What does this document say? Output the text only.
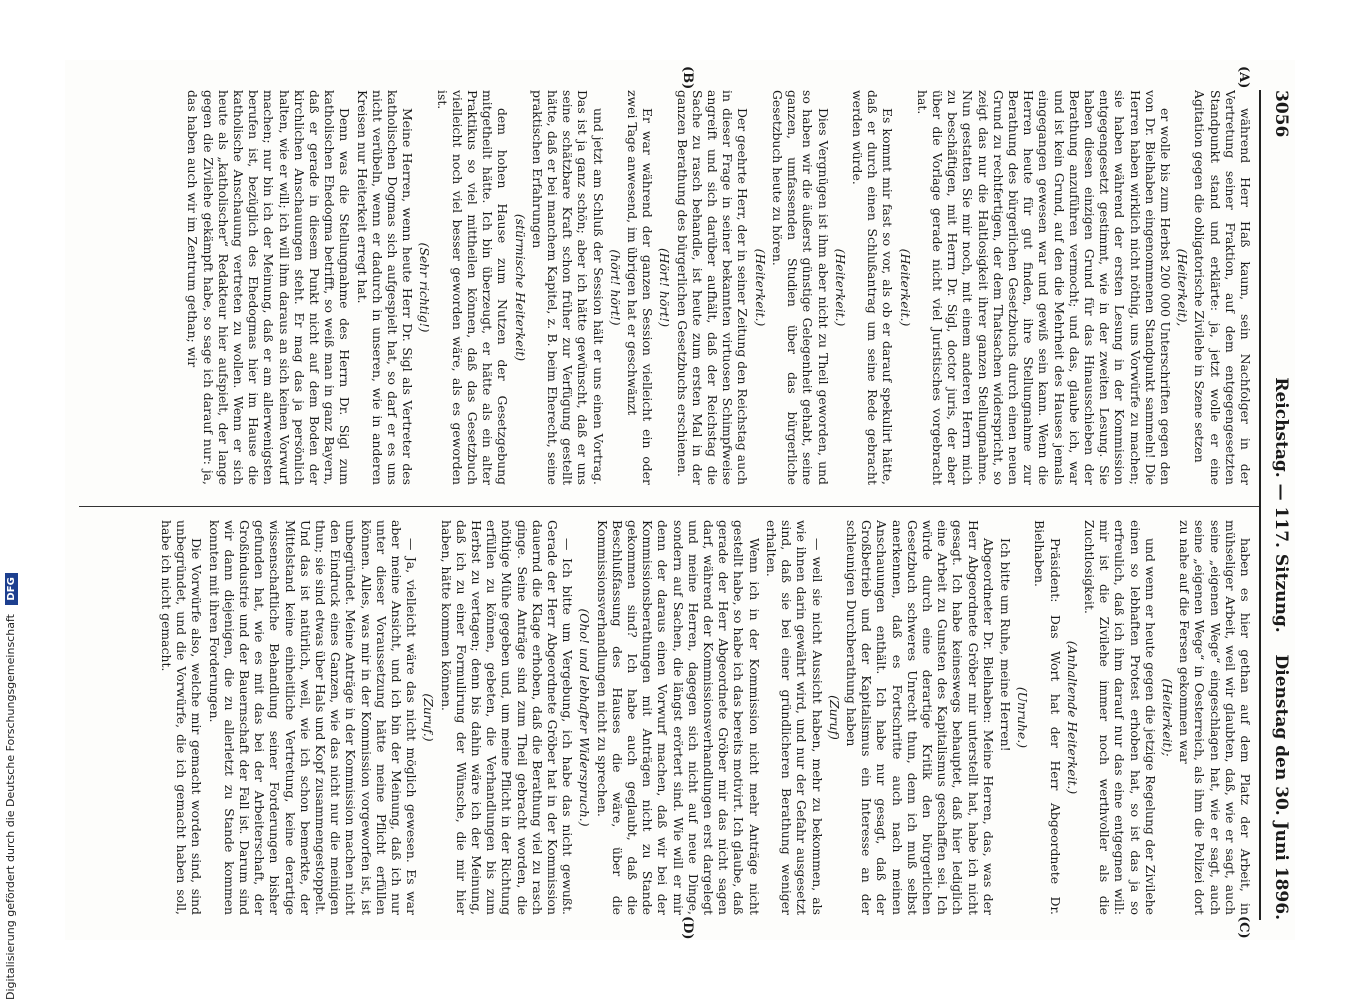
3056
Reichstag. — 117. Sitzung.
Dienstag den 30. Juni 1896.
(A)
(B)
(C)
(D)

während Herr Haß kaum, sein Nachfolger in der Vertretung seiner Fraktion, auf dem entgegengesetzten Standpunkt stand und erklärte: ja, jetzt wolle er eine Agitation gegen die obligatorische Zivilehe in Szene setzen

(Heiterkeit),

er wolle bis zum Herbst 200 000 Unterschriften gegen den von Dr. Bielhaben eingenommenen Standpunkt sammeln! Die Herren haben wirklich nicht nöthig, uns Vorwürfe zu machen; sie haben während der ersten Lesung in der Kommission entgegengesetzt gestimmt, wie in der zweiten Lesung. Sie haben diesen einzigen Grund für das Hinausschieben der Berathung anzuführen vermocht; und das, glaube ich, war und ist kein Grund, auf den die Mehrheit des Hauses jemals eingegangen gewesen war und gewiß sein kann. Wenn die Herren heute für gut finden, ihre Stellungnahme zur Berathung des bürgerlichen Gesetzbuchs durch einen neuen Grund zu rechtfertigen, der dem Thatsachen widerspricht, so zeigt das nur die Haltlosigkeit ihrer ganzen Stellungnahme. Nun gestatten Sie mir noch, mit einem anderen Herrn mich zu beschäftigen, mit Herrn Dr. Sigl, doctor juris, der aber über die Vorlage gerade nicht viel Juristisches vorgebracht hat.

(Heiterkeit.)

Es kommt mir fast so vor, als ob er darauf spekulirt hätte, daß er durch einen Schlußantrag um seine Rede gebracht werden würde.

(Heiterkeit.)

Dies Vergnügen ist ihm aber nicht zu Theil geworden, und so haben wir die äußerst günstige Gelegenheit gehabt, seine ganzen, umfassenden Studien über das bürgerliche Gesetzbuch heute zu hören.

(Heiterkeit.)

Der geehrte Herr, der in seiner Zeitung den Reichstag auch in dieser Frage in seiner bekannten virtuosen Schimpfweise angreift und sich darüber aufhält, daß der Reichstag die Sache zu rasch behandle, ist heute zum ersten Mal in der ganzen Berathung des bürgerlichen Gesetzbuchs erschienen.

(Hört! hört!)

Er war während der ganzen Session vielleicht ein oder zwei Tage anwesend, im übrigen hat er geschwänzt

(hört! hört!)

und jetzt am Schluß der Session hält er uns einen Vortrag. Das ist ja ganz schön; aber ich hätte gewünscht, daß er uns seine schätzbare Kraft schon früher zur Verfügung gestellt hätte, daß er bei manchem Kapitel, z. B. beim Eherecht, seine praktischen Erfahrungen

(stürmische Heiterkeit)

dem hohen Hause zum Nutzen der Gesetzgebung mitgetheilt hätte. Ich bin überzeugt, er hätte als ein alter Praktikus so viel mittheilen können, daß das Gesetzbuch vielleicht noch viel besser geworden wäre, als es geworden ist.

(Sehr richtig!)

Meine Herren, wenn heute Herr Dr. Sigl als Vertreter des katholischen Dogmas sich aufgespielt hat, so darf er es uns nicht verübeln, wenn er dadurch in unseren, wie in anderen Kreisen nur Heiterkeit erregt hat.

Denn was die Stellungnahme des Herrn Dr. Sigl zum katholischen Ehedogma betrifft, so weiß man in ganz Bayern, daß er gerade in diesem Punkt nicht auf dem Boden der kirchlichen Anschauungen steht. Er mag das ja persönlich halten, wie er will; ich will ihm daraus an sich keinen Vorwurf machen; nur bin ich der Meinung, daß er am allerwenigsten berufen ist, bezüglich des Ehedogmas hier im Hause die katholische Anschauung vertreten zu wollen. Wenn er sich heute als „katholischer“ Redakteur hier aufspielt, der lange gegen die Zivilehe gekämpft habe, so sage ich darauf nur: ja, das haben auch wir im Zentrum gethan; wir

haben es hier gethan auf dem Platz der Arbeit, in mühseliger Arbeit, weil wir glaubten, daß, wie er sagt, auch seine „eigenen Wege“ eingeschlagen hat, wie er sagt, auch seine „eigenen Wege“ in Oesterreich, als ihm die Polizei dort zu nahe auf die Fersen gekommen war

(Heiterkeit);

und wenn er heute gegen die jetzige Regelung der Zivilehe einen so lebhaften Protest erhoben hat, so ist das ja so erfreulich, daß ich ihm darauf nur das eine entgegnen will: mir ist die Zivilehe immer noch werthvoller als die Zuchtlosigkeit.

(Anhaltende Heiterkeit.)

Präsident: Das Wort hat der Herr Abgeordnete Dr. Bielhaben.

(Unruhe.)

Ich bitte um Ruhe, meine Herren!

Abgeordneter Dr. Bielhaben: Meine Herren, das, was der Herr Abgeordnete Gröber mir unterstellt hat, habe ich nicht gesagt. Ich habe keineswegs behauptet, daß hier lediglich eine Arbeit zu Gunsten des Kapitalismus geschaffen sei. Ich würde durch eine derartige Kritik den bürgerlichen Gesetzbuch schweres Unrecht thun, denn ich muß selbst anerkennen, daß es Fortschritte auch nach meinen Anschauungen enthält. Ich habe nur gesagt, daß der Großbetrieb und der Kapitalismus ein Interesse an der schleunigen Durchberathung haben

(Zuruf)

— weil sie nicht Aussicht haben, mehr zu bekommen, als wie ihnen darin gewährt wird, und nur der Gefahr ausgesetzt sind, daß sie bei einer gründlicheren Berathung weniger erhalten.

Wenn ich in der Kommission nicht mehr Anträge nicht gestellt habe, so habe ich das bereits motivirt. Ich glaube, daß gerade der Herr Abgeordnete Gröber mir das nicht sagen darf, während der Kommissionsverhandlungen erst dargelegt und meine Herren, dagegen sich nicht auf neue Dinge, sondern auf Sachen, die längst erörtert sind. Wie will er mir denn der daraus einen Vorwurf machen, daß wir bei der Kommissionsberathungen mit Anträgen nicht zu Stande gekommen sind? Ich habe auch geglaubt, daß die Beschlußfassung des Hauses die wäre, über die Kommissionsverhandlungen nicht zu sprechen.

(Oho! und lebhafter Widerspruch.)

— Ich bitte um Vergebung, ich habe das nicht gewußt. Gerade der Herr Abgeordnete Gröber hat in der Kommission dauernd die Klage erhoben, daß die Berathung viel zu rasch ginge. Seine Anträge sind zum Theil gebracht worden, die nöthige Mühe gegeben und, um meine Pflicht in der Richtung erfüllen zu können, gebeten, die Verhandlungen bis zum Herbst zu vertagen; denn bis dahin wäre ich der Meinung, daß ich zu einer Formulirung der Wünsche, die mir hier haben, hätte kommen können.

(Zuruf.)

— Ja, vielleicht wäre das nicht möglich gewesen. Es war aber meine Ansicht, und ich bin der Meinung, daß ich nur unter dieser Voraussetzung hätte meine Pflicht erfüllen können. Alles, was mir in der Kommission vorgeworfen ist, ist unbegründet. Meine Anträge in der Kommission machen nicht den Eindruck eines Ganzen, wie das nicht nur die meinigen thun; sie sind etwas über Hals und Kopf zusammengestoppelt. Und das ist natürlich, weil, wie ich schon bemerkte, der Mittelstand keine einheitliche Vertretung, keine derartige wissenschaftliche Behandlung seiner Forderungen bisher gefunden hat, wie es mit das bei der Arbeiterschaft, der Großindustrie und der Bauernschaft der Fall ist. Darum sind wir dann diejenigen, die zu allerletzt zu Stande kommen konnten mit ihren Forderungen.

Die Vorwürfe also, welche mir gemacht worden sind, sind unbegründet, und die Vorwürfe, die ich gemacht haben soll, habe ich nicht gemacht.

Digitalisierung gefördert durch die Deutsche Forschungsgemeinschaft DFG
